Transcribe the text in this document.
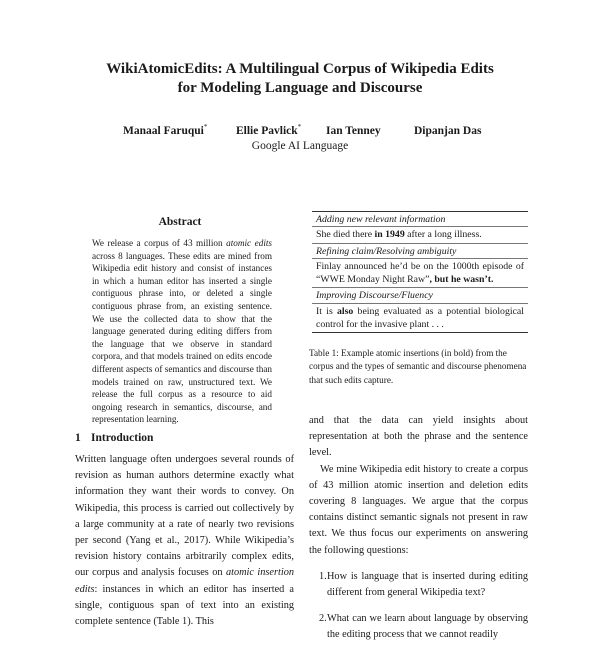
WikiAtomicEdits: A Multilingual Corpus of Wikipedia Edits
for Modeling Language and Discourse
Manaal Faruqui* Ellie Pavlick* Ian Tenney	Dipanjan Das
Google AI Language
Abstract
We release a corpus of 43 million atomic edits across 8 languages. These edits are mined from Wikipedia edit history and consist of instances in which a human editor has inserted a single contiguous phrase into, or deleted a single contiguous phrase from, an existing sentence. We use the collected data to show that the language generated during editing differs from the language that we observe in standard corpora, and that models trained on edits encode different aspects of semantics and discourse than models trained on raw, unstructured text. We release the full corpus as a resource to aid ongoing research in semantics, discourse, and representation learning.
Adding new relevant information
She died there in 1949 after a long illness.
Refining claim/Resolving ambiguity
Finlay announced he’d be on the 1000th episode of “WWE Monday Night Raw”, but he wasn’t.
Improving Discourse/Fluency
It is also being evaluated as a potential biological control for the invasive plant . . .
Table 1: Example atomic insertions (in bold) from the corpus and the types of semantic and discourse phenomena that such edits capture.
1 Introduction
Written language often undergoes several rounds of revision as human authors determine exactly what information they want their words to convey. On Wikipedia, this process is carried out collectively by a large community at a rate of nearly two revisions per second (Yang et al., 2017). While Wikipedia’s revision history contains arbitrarily complex edits, our corpus and analysis focuses on atomic insertion edits: instances in which an editor has inserted a single, contiguous span of text into an existing complete sentence (Table 1). This

and that the data can yield insights about representation at both the phrase and the sentence level.

We mine Wikipedia edit history to create a corpus of 43 million atomic insertion and deletion edits covering 8 languages. We argue that the corpus contains distinct semantic signals not present in raw text. We thus focus our experiments on answering the following questions:

1. How is language that is inserted during editing different from general Wikipedia text?
2. What can we learn about language by observing the editing process that we cannot readily
